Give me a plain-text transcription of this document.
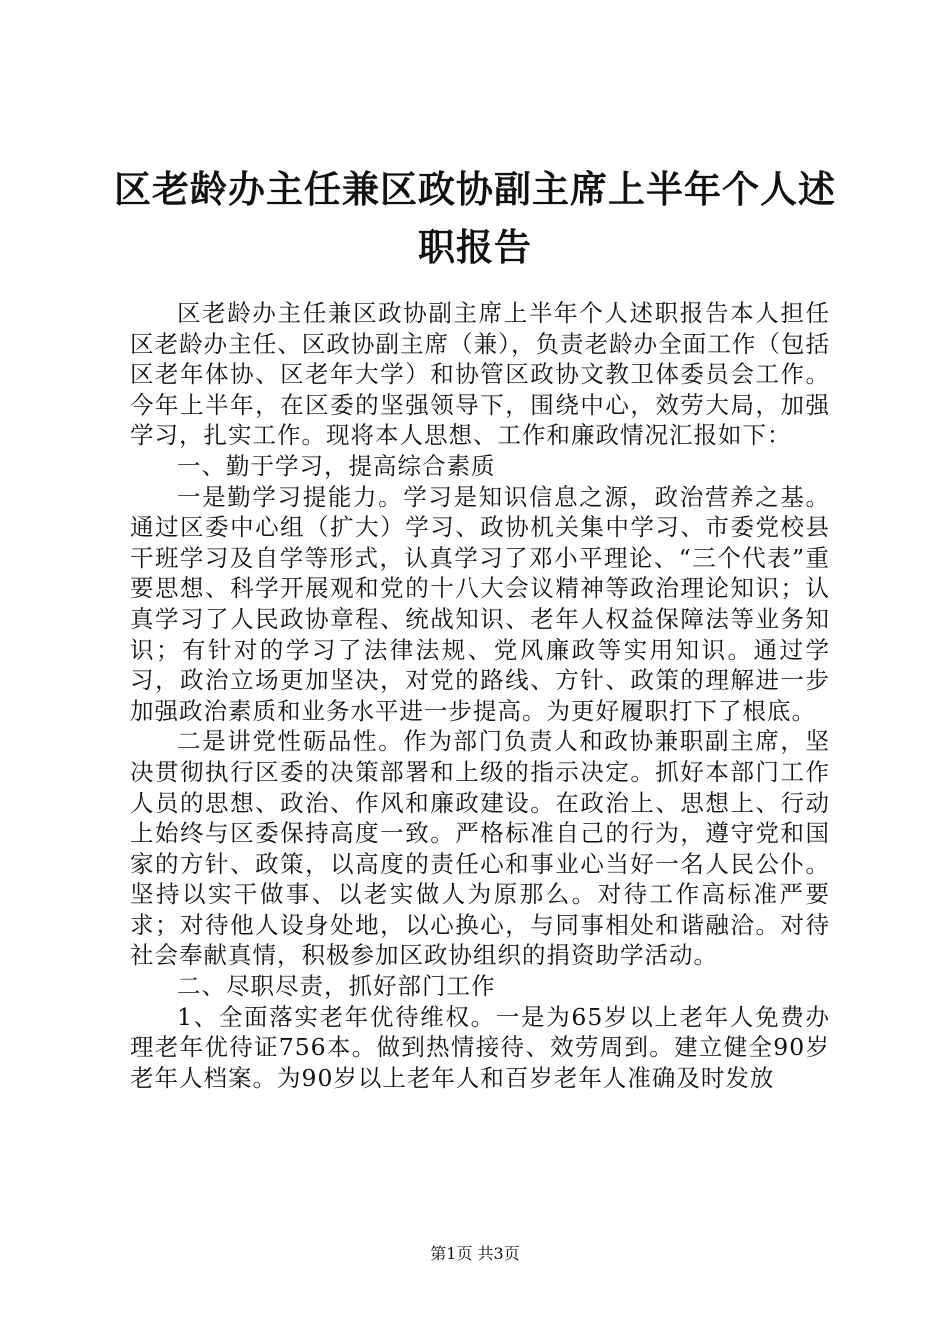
区老龄办主任兼区政协副主席上半年个人述职报告

区老龄办主任兼区政协副主席上半年个人述职报告本人担任区老龄办主任、区政协副主席（兼），负责老龄办全面工作（包括区老年体协、区老年大学）和协管区政协文教卫体委员会工作。今年上半年，在区委的坚强领导下，围绕中心，效劳大局，加强学习，扎实工作。现将本人思想、工作和廉政情况汇报如下：

一、勤于学习，提高综合素质

一是勤学习提能力。学习是知识信息之源，政治营养之基。通过区委中心组（扩大）学习、政协机关集中学习、市委党校县干班学习及自学等形式，认真学习了邓小平理论、“三个代表”重要思想、科学开展观和党的十八大会议精神等政治理论知识；认真学习了人民政协章程、统战知识、老年人权益保障法等业务知识；有针对的学习了法律法规、党风廉政等实用知识。通过学习，政治立场更加坚决，对党的路线、方针、政策的理解进一步加强政治素质和业务水平进一步提高。为更好履职打下了根底。

二是讲党性砺品性。作为部门负责人和政协兼职副主席，坚决贯彻执行区委的决策部署和上级的指示决定。抓好本部门工作人员的思想、政治、作风和廉政建设。在政治上、思想上、行动上始终与区委保持高度一致。严格标准自己的行为，遵守党和国家的方针、政策，以高度的责任心和事业心当好一名人民公仆。坚持以实干做事、以老实做人为原那么。对待工作高标准严要求；对待他人设身处地，以心换心，与同事相处和谐融洽。对待社会奉献真情，积极参加区政协组织的捐资助学活动。

二、尽职尽责，抓好部门工作

1、全面落实老年优待维权。一是为65岁以上老年人免费办理老年优待证756本。做到热情接待、效劳周到。建立健全90岁老年人档案。为90岁以上老年人和百岁老年人准确及时发放

第1页 共3页
